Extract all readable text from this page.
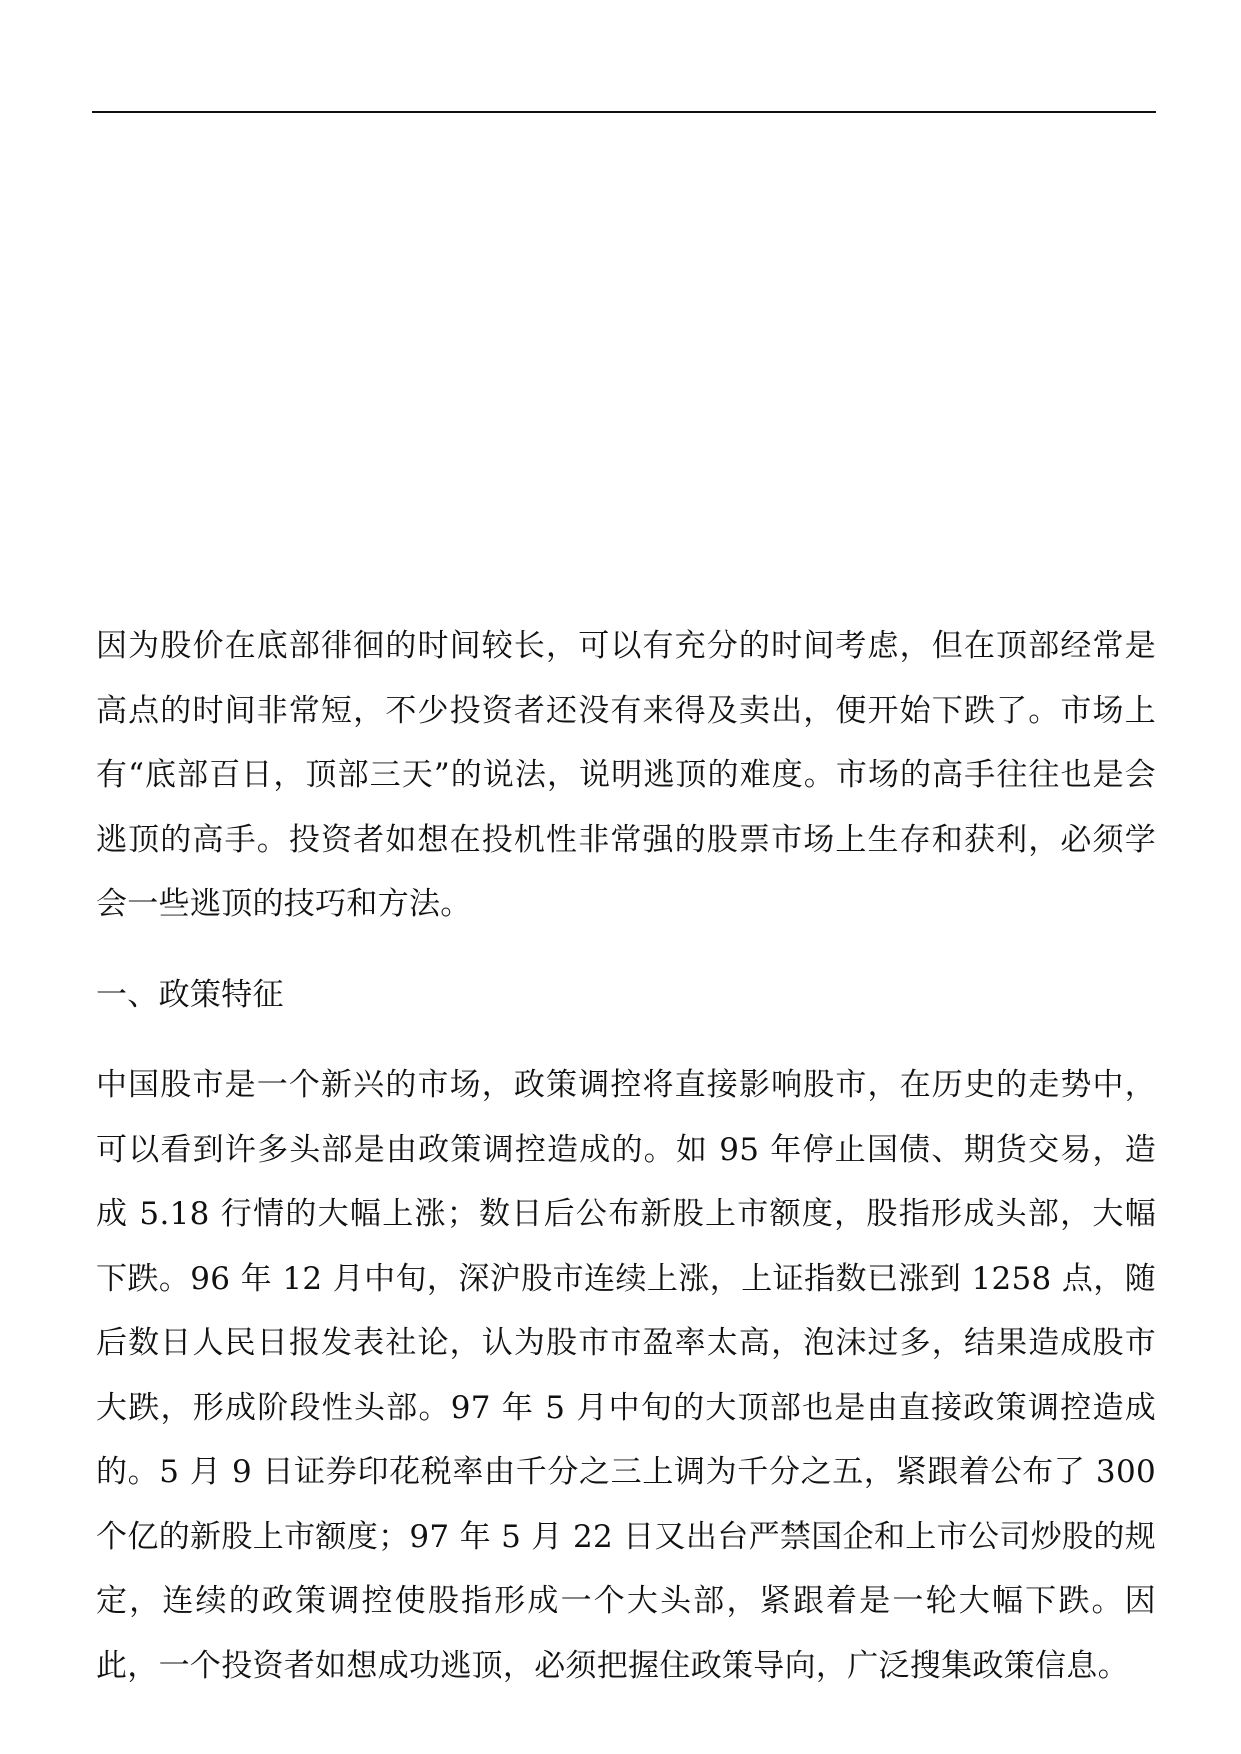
因为股价在底部徘徊的时间较长，可以有充分的时间考虑，但在顶部经常是高点的时间非常短，不少投资者还没有来得及卖出，便开始下跌了。市场上有“底部百日，顶部三天”的说法，说明逃顶的难度。市场的高手往往也是会逃顶的高手。投资者如想在投机性非常强的股票市场上生存和获利，必须学会一些逃顶的技巧和方法。

一、政策特征

中国股市是一个新兴的市场，政策调控将直接影响股市，在历史的走势中，可以看到许多头部是由政策调控造成的。如 95 年停止国债、期货交易，造成 5.18 行情的大幅上涨；数日后公布新股上市额度，股指形成头部，大幅下跌。96 年 12 月中旬，深沪股市连续上涨，上证指数已涨到 1258 点，随后数日人民日报发表社论，认为股市市盈率太高，泡沫过多，结果造成股市大跌，形成阶段性头部。97 年 5 月中旬的大顶部也是由直接政策调控造成的。5 月 9 日证券印花税率由千分之三上调为千分之五，紧跟着公布了 300 个亿的新股上市额度；97 年 5 月 22 日又出台严禁国企和上市公司炒股的规定，连续的政策调控使股指形成一个大头部，紧跟着是一轮大幅下跌。因此，一个投资者如想成功逃顶，必须把握住政策导向，广泛搜集政策信息。
